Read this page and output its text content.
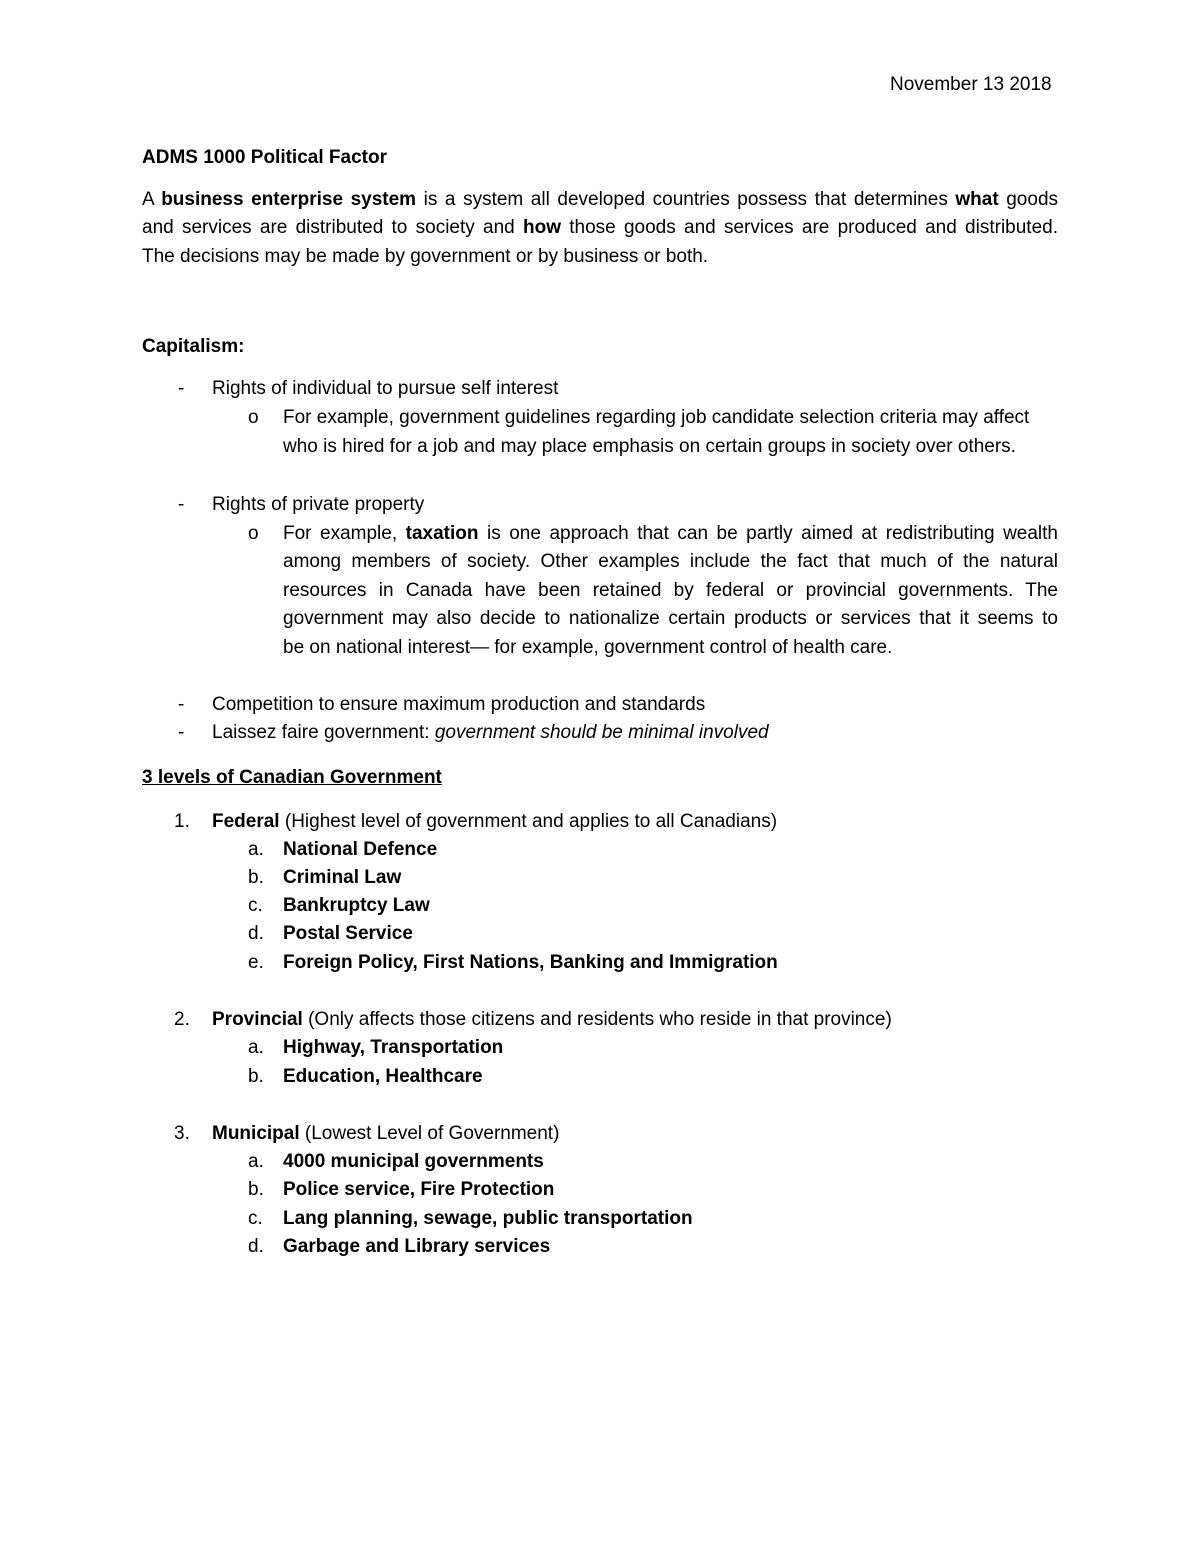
November 13 2018
ADMS 1000 Political Factor
A business enterprise system is a system all developed countries possess that determines what goods
and services are distributed to society and how those goods and services are produced and distributed.
The decisions may be made by government or by business or both.
Capitalism:
- Rights of individual to pursue self interest
o For example, government guidelines regarding job candidate selection criteria may affect
who is hired for a job and may place emphasis on certain groups in society over others.
- Rights of private property
o For example, taxation is one approach that can be partly aimed at redistributing wealth
among members of society. Other examples include the fact that much of the natural
resources in Canada have been retained by federal or provincial governments. The
government may also decide to nationalize certain products or services that it seems to
be on national interest— for example, government control of health care.
- Competition to ensure maximum production and standards
- Laissez faire government: government should be minimal involved
3 levels of Canadian Government
1. Federal (Highest level of government and applies to all Canadians)
a. National Defence
b. Criminal Law
c. Bankruptcy Law
d. Postal Service
e. Foreign Policy, First Nations, Banking and Immigration
2. Provincial (Only affects those citizens and residents who reside in that province)
a. Highway, Transportation
b. Education, Healthcare
3. Municipal (Lowest Level of Government)
a. 4000 municipal governments
b. Police service, Fire Protection
c. Lang planning, sewage, public transportation
d. Garbage and Library services
